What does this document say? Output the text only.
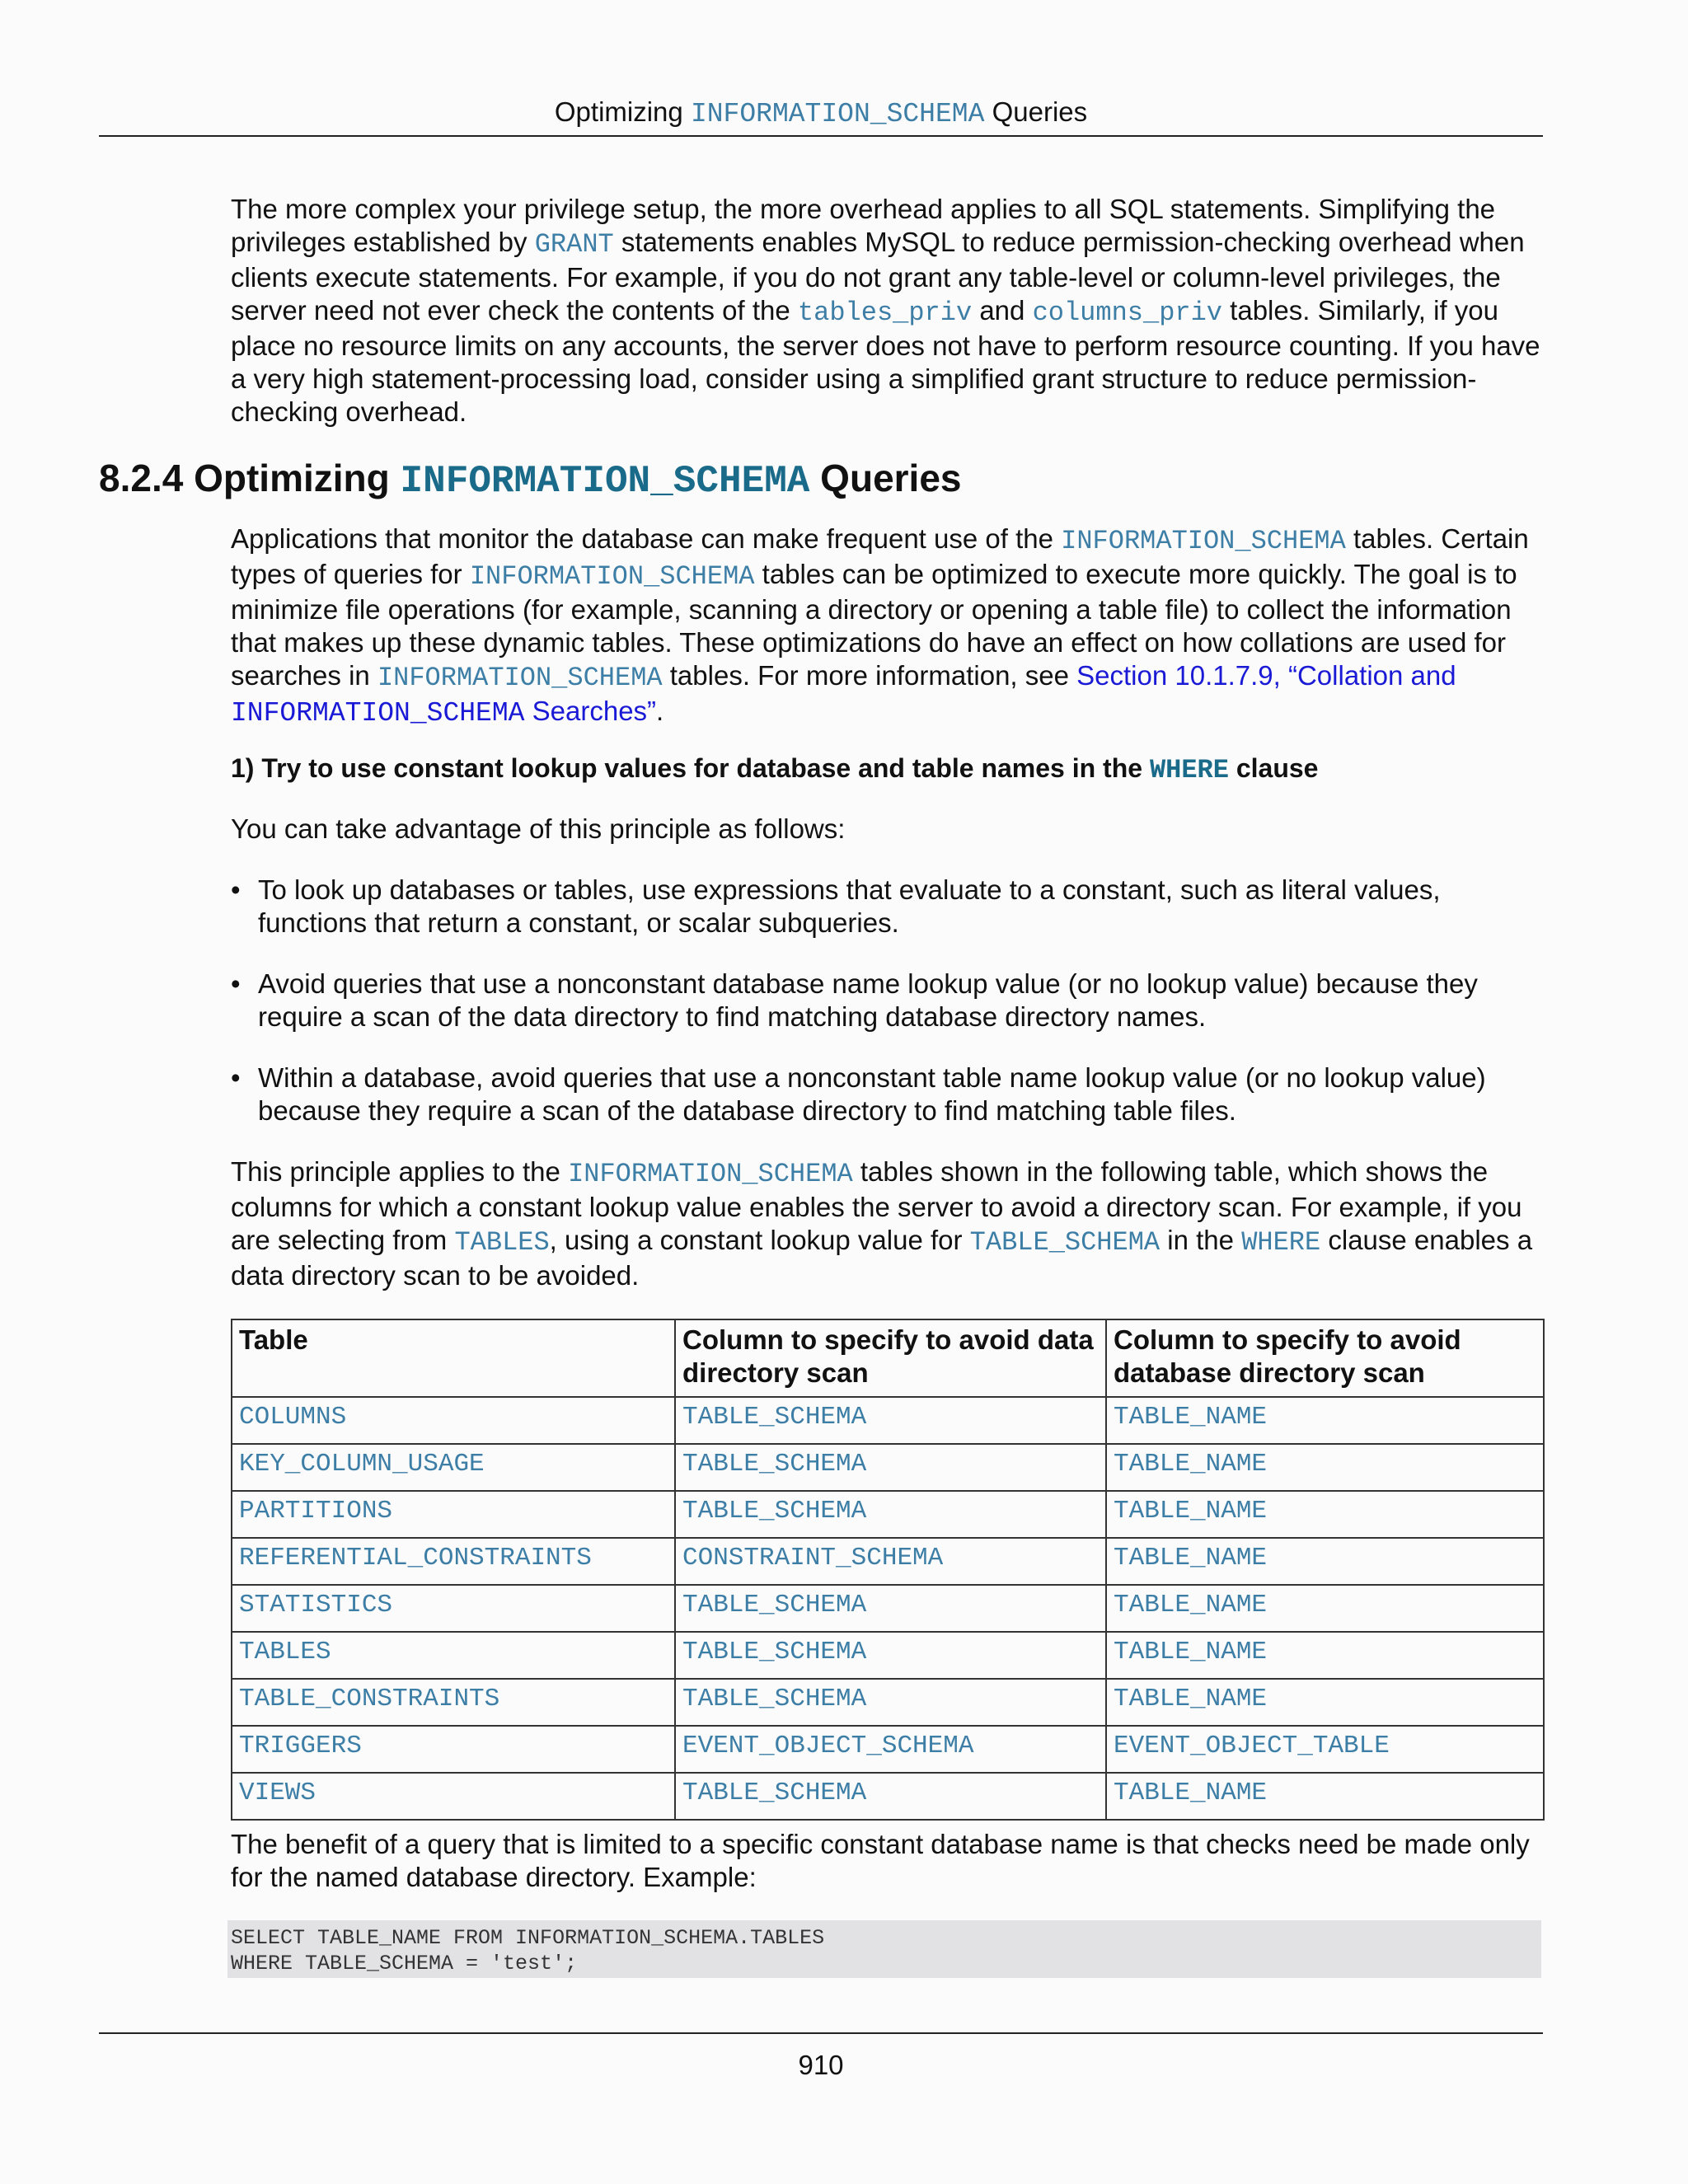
Optimizing INFORMATION_SCHEMA Queries
The more complex your privilege setup, the more overhead applies to all SQL statements. Simplifying the privileges established by GRANT statements enables MySQL to reduce permission-checking overhead when clients execute statements. For example, if you do not grant any table-level or column-level privileges, the server need not ever check the contents of the tables_priv and columns_priv tables. Similarly, if you place no resource limits on any accounts, the server does not have to perform resource counting. If you have a very high statement-processing load, consider using a simplified grant structure to reduce permission-checking overhead.
8.2.4 Optimizing INFORMATION_SCHEMA Queries
Applications that monitor the database can make frequent use of the INFORMATION_SCHEMA tables. Certain types of queries for INFORMATION_SCHEMA tables can be optimized to execute more quickly. The goal is to minimize file operations (for example, scanning a directory or opening a table file) to collect the information that makes up these dynamic tables. These optimizations do have an effect on how collations are used for searches in INFORMATION_SCHEMA tables. For more information, see Section 10.1.7.9, “Collation and INFORMATION_SCHEMA Searches”.
1) Try to use constant lookup values for database and table names in the WHERE clause
You can take advantage of this principle as follows:
• To look up databases or tables, use expressions that evaluate to a constant, such as literal values, functions that return a constant, or scalar subqueries.
• Avoid queries that use a nonconstant database name lookup value (or no lookup value) because they require a scan of the data directory to find matching database directory names.
• Within a database, avoid queries that use a nonconstant table name lookup value (or no lookup value) because they require a scan of the database directory to find matching table files.
This principle applies to the INFORMATION_SCHEMA tables shown in the following table, which shows the columns for which a constant lookup value enables the server to avoid a directory scan. For example, if you are selecting from TABLES, using a constant lookup value for TABLE_SCHEMA in the WHERE clause enables a data directory scan to be avoided.
Table	Column to specify to avoid data directory scan	Column to specify to avoid database directory scan
COLUMNS	TABLE_SCHEMA	TABLE_NAME
KEY_COLUMN_USAGE	TABLE_SCHEMA	TABLE_NAME
PARTITIONS	TABLE_SCHEMA	TABLE_NAME
REFERENTIAL_CONSTRAINTS	CONSTRAINT_SCHEMA	TABLE_NAME
STATISTICS	TABLE_SCHEMA	TABLE_NAME
TABLES	TABLE_SCHEMA	TABLE_NAME
TABLE_CONSTRAINTS	TABLE_SCHEMA	TABLE_NAME
TRIGGERS	EVENT_OBJECT_SCHEMA	EVENT_OBJECT_TABLE
VIEWS	TABLE_SCHEMA	TABLE_NAME
The benefit of a query that is limited to a specific constant database name is that checks need be made only for the named database directory. Example:
SELECT TABLE_NAME FROM INFORMATION_SCHEMA.TABLES
WHERE TABLE_SCHEMA = 'test';
910
